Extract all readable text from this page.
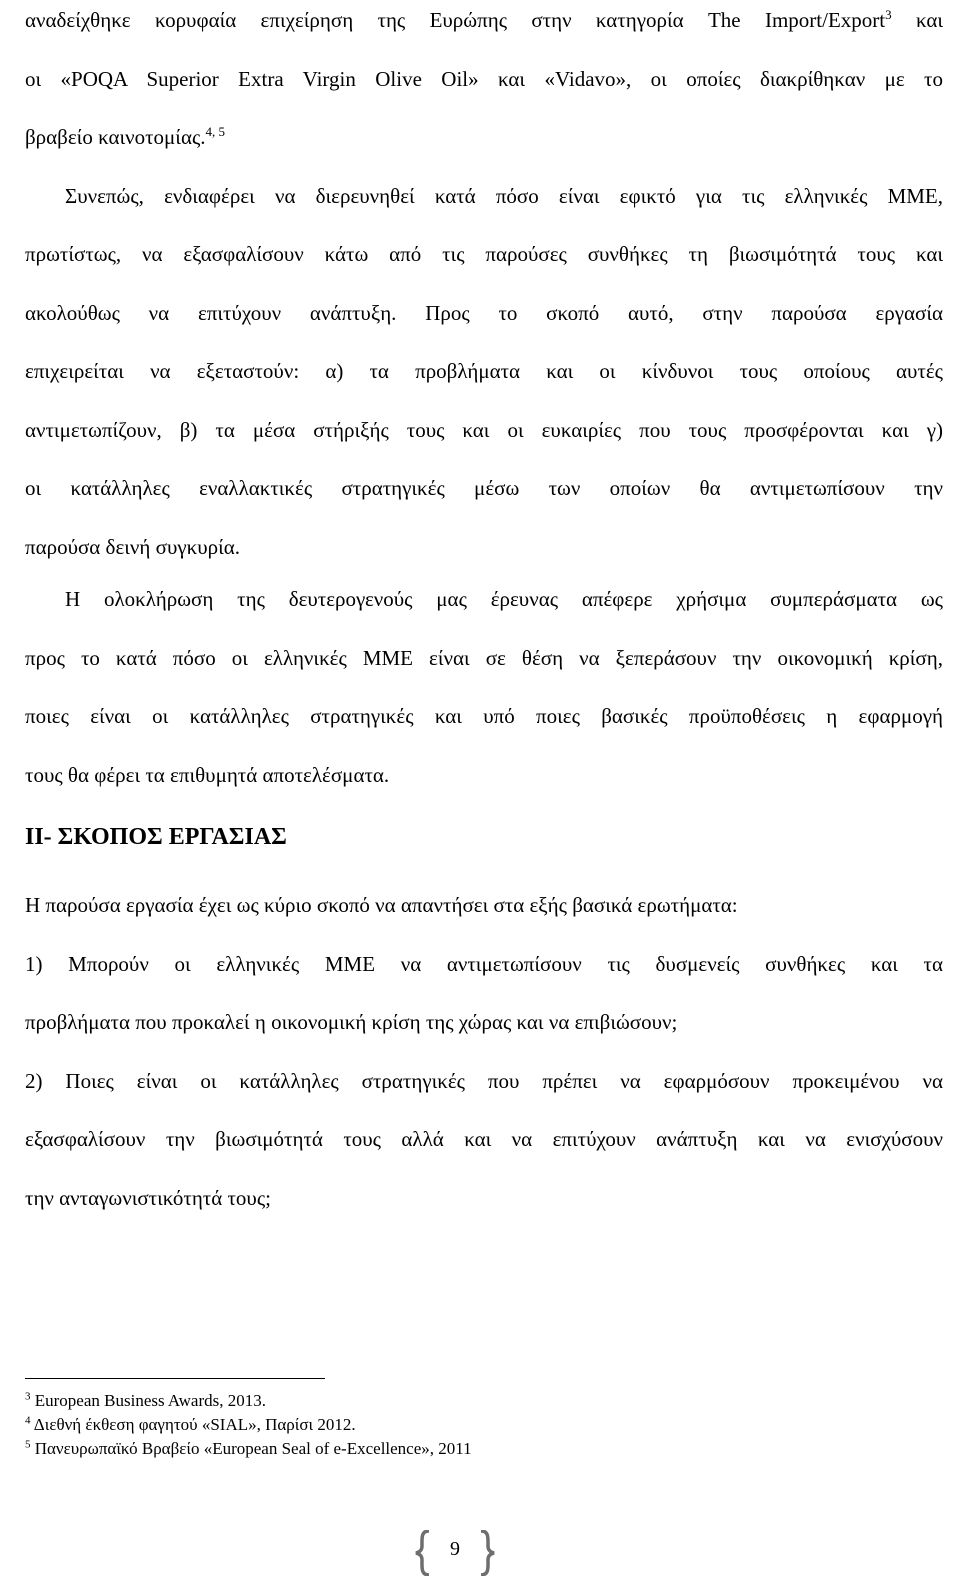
αναδείχθηκε κορυφαία επιχείρηση της Ευρώπης στην κατηγορία The Import/Export$^3$ και
οι «POQA Superior Extra Virgin Olive Oil» και «Vidavo», οι οποίες διακρίθηκαν με το
βραβείο καινοτομίας.$^{4, 5}$

Συνεπώς, ενδιαφέρει να διερευνηθεί κατά πόσο είναι εφικτό για τις ελληνικές ΜΜΕ,
πρωτίστως, να εξασφαλίσουν κάτω από τις παρούσες συνθήκες τη βιωσιμότητά τους και
ακολούθως να επιτύχουν ανάπτυξη. Προς το σκοπό αυτό, στην παρούσα εργασία
επιχειρείται να εξεταστούν: α) τα προβλήματα και οι κίνδυνοι τους οποίους αυτές
αντιμετωπίζουν, β) τα μέσα στήριξής τους και οι ευκαιρίες που τους προσφέρονται και γ)
οι κατάλληλες εναλλακτικές στρατηγικές μέσω των οποίων θα αντιμετωπίσουν την
παρούσα δεινή συγκυρία.

Η ολοκλήρωση της δευτερογενούς μας έρευνας απέφερε χρήσιμα συμπεράσματα ως
προς το κατά πόσο οι ελληνικές ΜΜΕ είναι σε θέση να ξεπεράσουν την οικονομική κρίση,
ποιες είναι οι κατάλληλες στρατηγικές και υπό ποιες βασικές προϋποθέσεις η εφαρμογή
τους θα φέρει τα επιθυμητά αποτελέσματα.

ΙΙ- ΣΚΟΠΟΣ ΕΡΓΑΣΙΑΣ

Η παρούσα εργασία έχει ως κύριο σκοπό να απαντήσει στα εξής βασικά ερωτήματα:

1) Μπορούν οι ελληνικές ΜΜΕ να αντιμετωπίσουν τις δυσμενείς συνθήκες και τα
προβλήματα που προκαλεί η οικονομική κρίση της χώρας και να επιβιώσουν;

2) Ποιες είναι οι κατάλληλες στρατηγικές που πρέπει να εφαρμόσουν προκειμένου να
εξασφαλίσουν την βιωσιμότητά τους αλλά και να επιτύχουν ανάπτυξη και να ενισχύσουν
την ανταγωνιστικότητά τους;

$^3$ European Business Awards, 2013.
$^4$ Διεθνή έκθεση φαγητού «SIAL», Παρίσι 2012.
$^5$ Πανευρωπαϊκό Βραβείο «European Seal of e-Excellence», 2011
9
